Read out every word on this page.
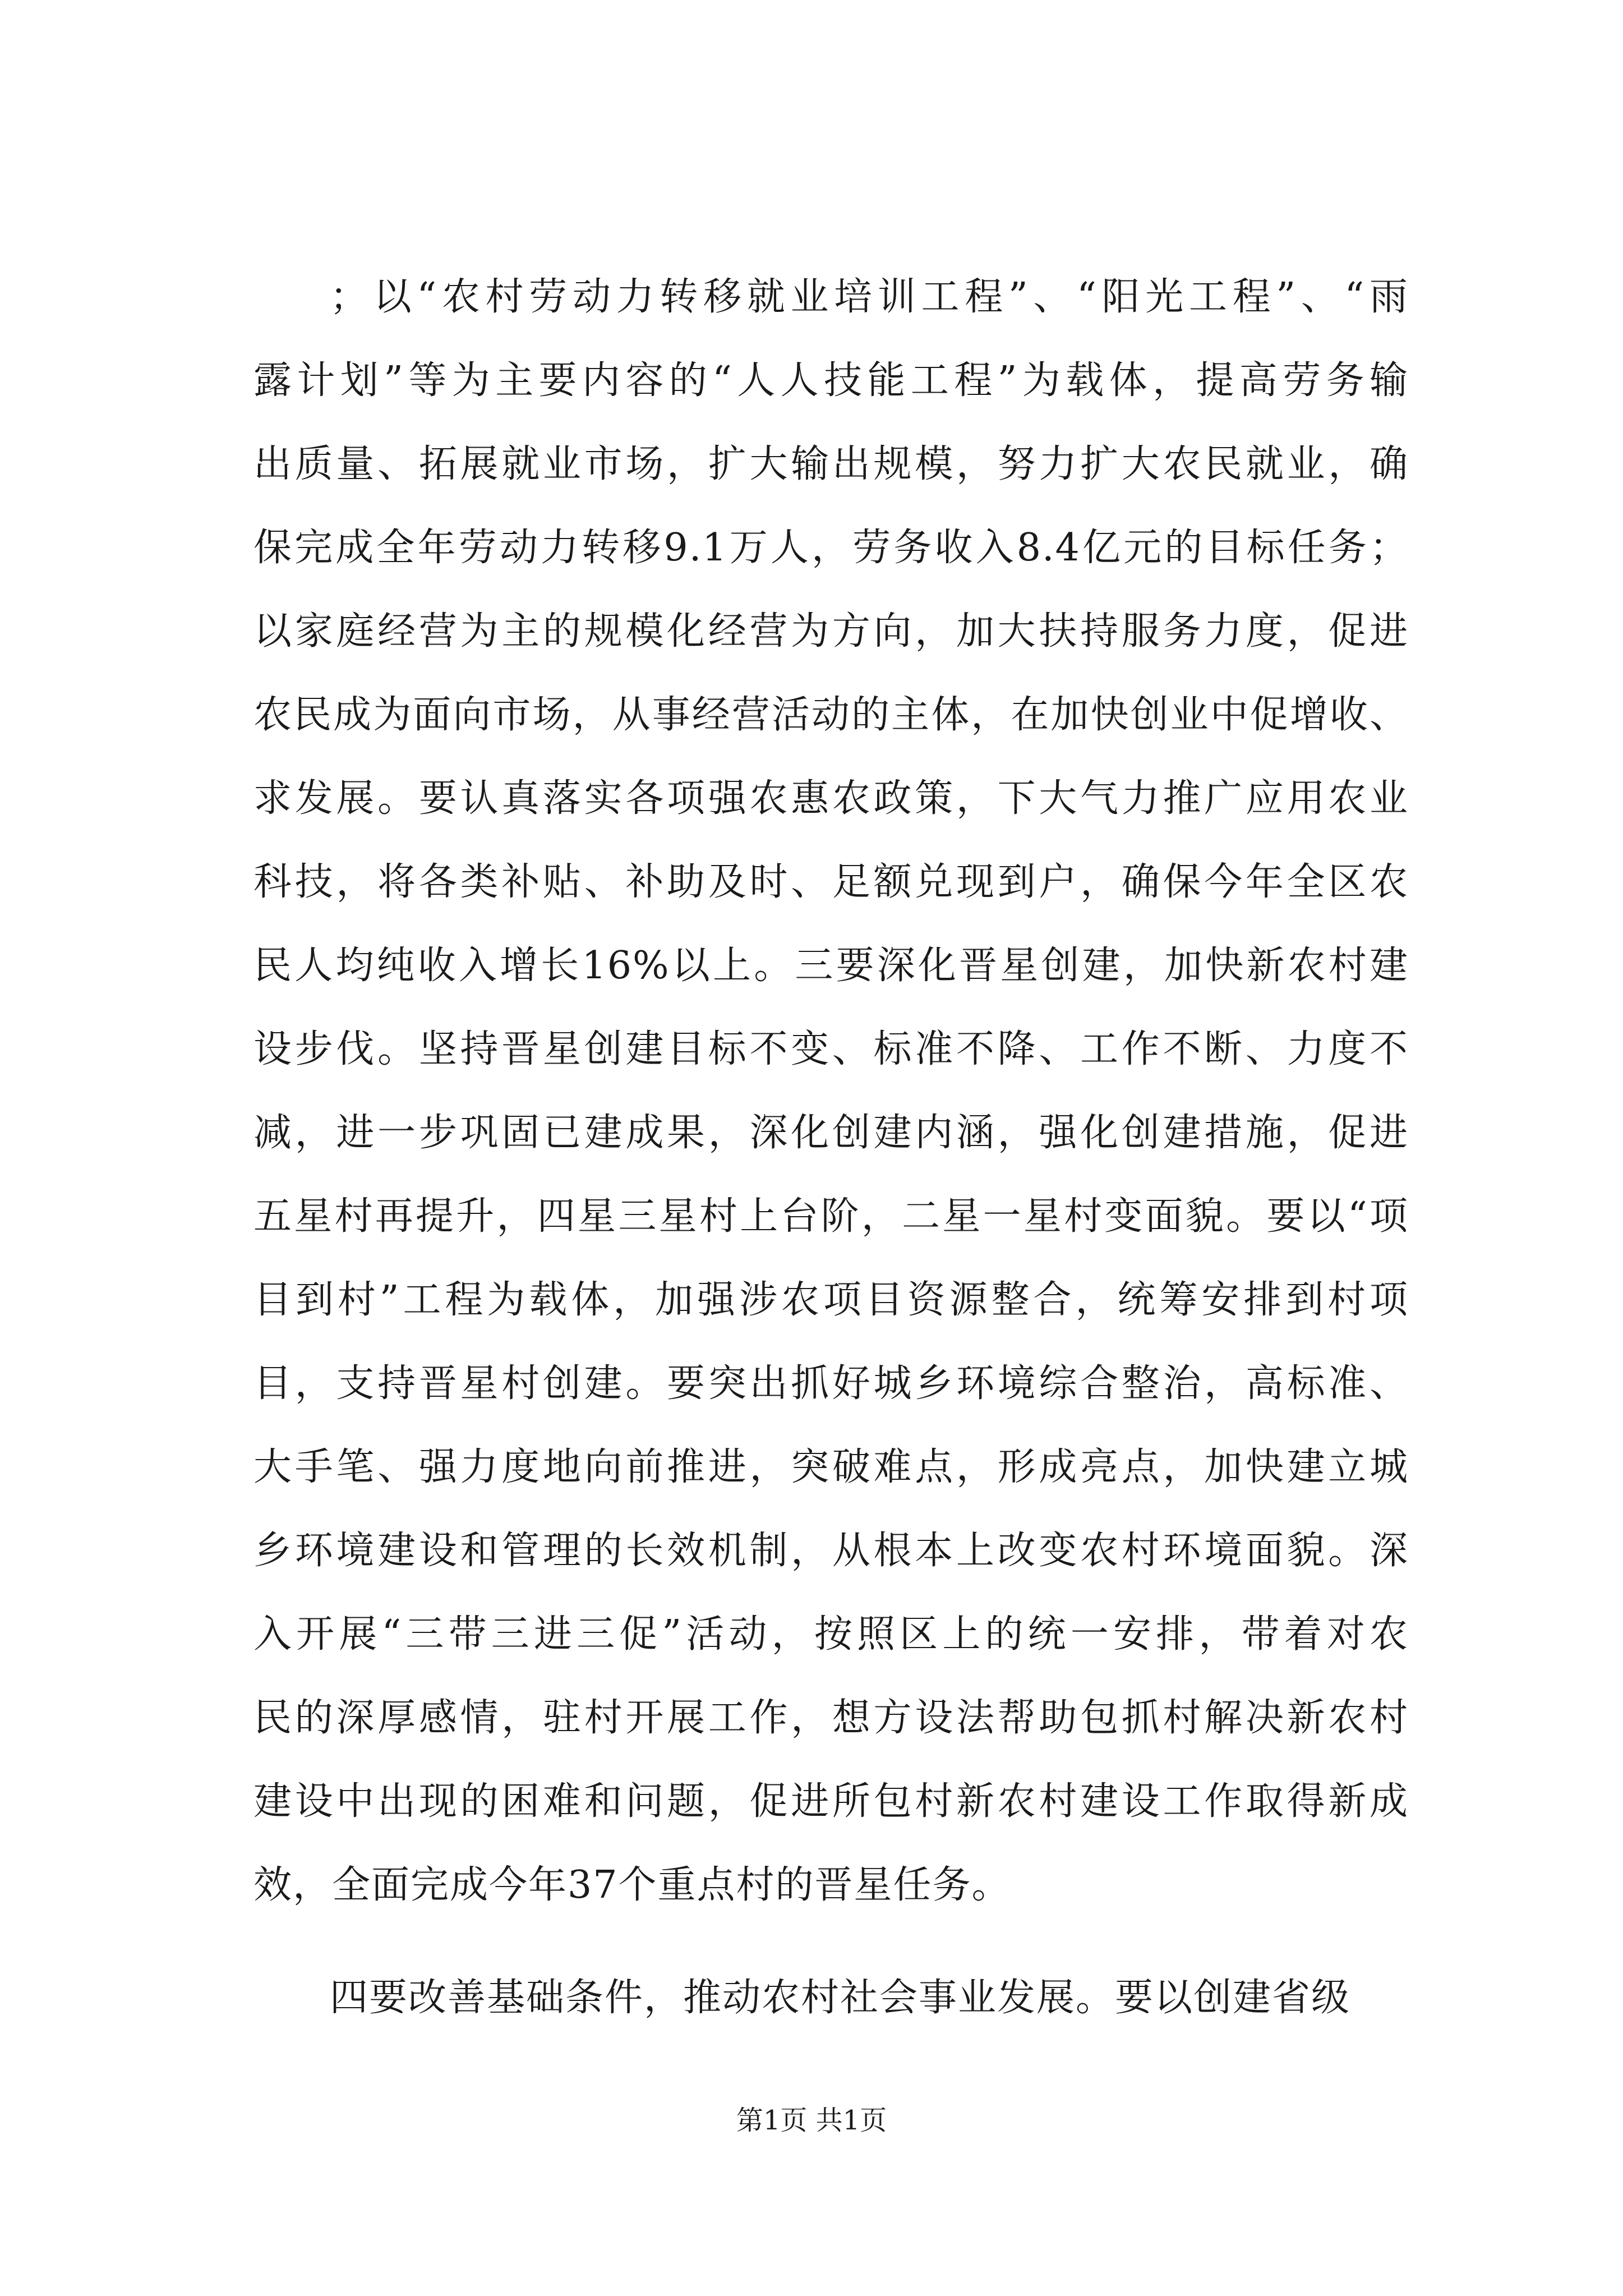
；以“农村劳动力转移就业培训工程”、“阳光工程”、“雨
露计划”等为主要内容的“人人技能工程”为载体，提高劳务输
出质量、拓展就业市场，扩大输出规模，努力扩大农民就业，确
保完成全年劳动力转移9.1万人，劳务收入8.4亿元的目标任务；
以家庭经营为主的规模化经营为方向，加大扶持服务力度，促进
农民成为面向市场，从事经营活动的主体，在加快创业中促增收、
求发展。要认真落实各项强农惠农政策，下大气力推广应用农业
科技，将各类补贴、补助及时、足额兑现到户，确保今年全区农
民人均纯收入增长16%以上。三要深化晋星创建，加快新农村建
设步伐。坚持晋星创建目标不变、标准不降、工作不断、力度不
减，进一步巩固已建成果，深化创建内涵，强化创建措施，促进
五星村再提升，四星三星村上台阶，二星一星村变面貌。要以“项
目到村”工程为载体，加强涉农项目资源整合，统筹安排到村项
目，支持晋星村创建。要突出抓好城乡环境综合整治，高标准、
大手笔、强力度地向前推进，突破难点，形成亮点，加快建立城
乡环境建设和管理的长效机制，从根本上改变农村环境面貌。深
入开展“三带三进三促”活动，按照区上的统一安排，带着对农
民的深厚感情，驻村开展工作，想方设法帮助包抓村解决新农村
建设中出现的困难和问题，促进所包村新农村建设工作取得新成
效，全面完成今年37个重点村的晋星任务。
四要改善基础条件，推动农村社会事业发展。要以创建省级
第1页 共1页
